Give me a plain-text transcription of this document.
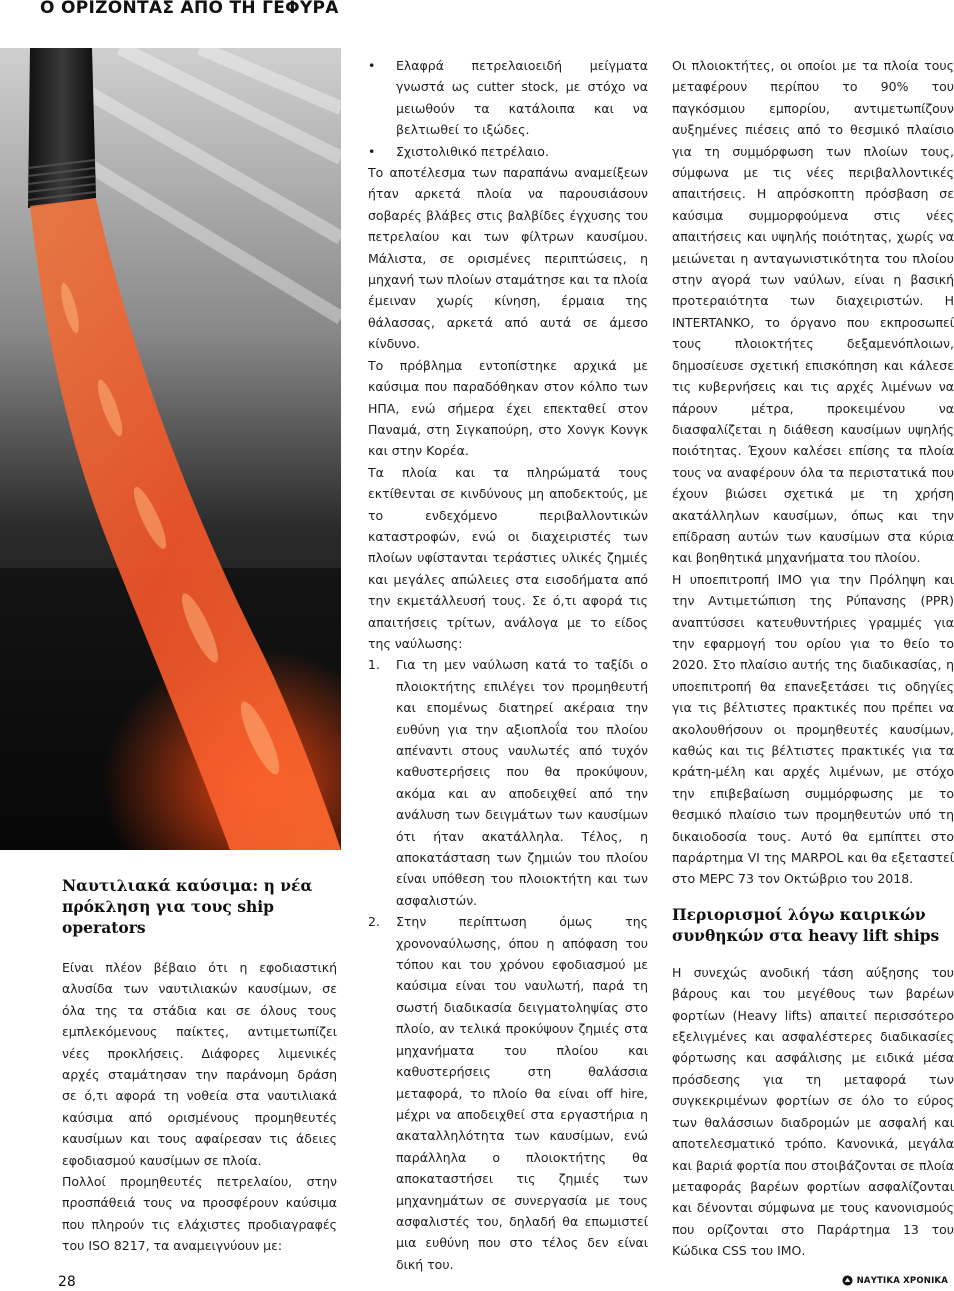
Ο ΟΡΙΖΟΝΤΑΣ ΑΠΟ ΤΗ ΓΕΦΥΡΑ
Ναυτιλιακά καύσιμα: η νέα πρόκληση για τους ship operators

Είναι πλέον βέβαιο ότι η εφοδιαστική αλυσίδα των ναυτιλιακών καυσίμων, σε όλα της τα στάδια και σε όλους τους εμπλεκόμενους παίκτες, αντιμετωπίζει νέες προκλήσεις. Διάφορες λιμενικές αρχές σταμάτησαν την παράνομη δράση σε ό,τι αφορά τη νοθεία στα ναυτιλιακά καύσιμα από ορισμένους προμηθευτές καυσίμων και τους αφαίρεσαν τις άδειες εφοδιασμού καυσίμων σε πλοία.

Πολλοί προμηθευτές πετρελαίου, στην προσπάθειά τους να προσφέρουν καύσιμα που πληρούν τις ελάχιστες προδιαγραφές του ISO 8217, τα αναμειγνύουν με:

•	Ελαφρά πετρελαιοειδή μείγματα γνωστά ως cutter stock, με στόχο να μειωθούν τα κατάλοιπα και να βελτιωθεί το ιξώδες.
•	Σχιστολιθικό πετρέλαιο.

Το αποτέλεσμα των παραπάνω αναμείξεων ήταν αρκετά πλοία να παρουσιάσουν σοβαρές βλάβες στις βαλβίδες έγχυσης του πετρελαίου και των φίλτρων καυσίμου. Μάλιστα, σε ορισμένες περιπτώσεις, η μηχανή των πλοίων σταμάτησε και τα πλοία έμειναν χωρίς κίνηση, έρμαια της θάλασσας, αρκετά από αυτά σε άμεσο κίνδυνο.

Το πρόβλημα εντοπίστηκε αρχικά με καύσιμα που παραδόθηκαν στον κόλπο των ΗΠΑ, ενώ σήμερα έχει επεκταθεί στον Παναμά, στη Σιγκαπούρη, στο Χονγκ Κονγκ και στην Κορέα.

Τα πλοία και τα πληρώματά τους εκτίθενται σε κινδύνους μη αποδεκτούς, με το ενδεχόμενο περιβαλλοντικών καταστροφών, ενώ οι διαχειριστές των πλοίων υφίστανται τεράστιες υλικές ζημιές και μεγάλες απώλειες στα εισοδήματα από την εκμετάλλευσή τους. Σε ό,τι αφορά τις απαιτήσεις τρίτων, ανάλογα με το είδος της ναύλωσης:

1.	Για τη μεν ναύλωση κατά το ταξίδι ο πλοιοκτήτης επιλέγει τον προμηθευτή και επομένως διατηρεί ακέραια την ευθύνη για την αξιοπλοΐα του πλοίου απέναντι στους ναυλωτές από τυχόν καθυστερήσεις που θα προκύψουν, ακόμα και αν αποδειχθεί από την ανάλυση των δειγμάτων των καυσίμων ότι ήταν ακατάλληλα. Τέλος, η αποκατάσταση των ζημιών του πλοίου είναι υπόθεση του πλοιοκτήτη και των ασφαλιστών.
2.	Στην περίπτωση όμως της χρονοναύλωσης, όπου η απόφαση του τόπου και του χρόνου εφοδιασμού με καύσιμα είναι του ναυλωτή, παρά τη σωστή διαδικασία δειγματοληψίας στο πλοίο, αν τελικά προκύψουν ζημιές στα μηχανήματα του πλοίου και καθυστερήσεις στη θαλάσσια μεταφορά, το πλοίο θα είναι off hire, μέχρι να αποδειχθεί στα εργαστήρια η ακαταλληλότητα των καυσίμων, ενώ παράλληλα ο πλοιοκτήτης θα αποκαταστήσει τις ζημιές των μηχανημάτων σε συνεργασία με τους ασφαλιστές του, δηλαδή θα επωμιστεί μια ευθύνη που στο τέλος δεν είναι δική του.

Οι πλοιοκτήτες, οι οποίοι με τα πλοία τους μεταφέρουν περίπου το 90% του παγκόσμιου εμπορίου, αντιμετωπίζουν αυξημένες πιέσεις από το θεσμικό πλαίσιο για τη συμμόρφωση των πλοίων τους, σύμφωνα με τις νέες περιβαλλοντικές απαιτήσεις. Η απρόσκοπτη πρόσβαση σε καύσιμα συμμορφούμενα στις νέες απαιτήσεις και υψηλής ποιότητας, χωρίς να μειώνεται η ανταγωνιστικότητα του πλοίου στην αγορά των ναύλων, είναι η βασική προτεραιότητα των διαχειριστών. Η INTERTANKO, το όργανο που εκπροσωπεί τους πλοιοκτήτες δεξαμενόπλοιων, δημοσίευσε σχετική επισκόπηση και κάλεσε τις κυβερνήσεις και τις αρχές λιμένων να πάρουν μέτρα, προκειμένου να διασφαλίζεται η διάθεση καυσίμων υψηλής ποιότητας. Έχουν καλέσει επίσης τα πλοία τους να αναφέρουν όλα τα περιστατικά που έχουν βιώσει σχετικά με τη χρήση ακατάλληλων καυσίμων, όπως και την επίδραση αυτών των καυσίμων στα κύρια και βοηθητικά μηχανήματα του πλοίου.

Η υποεπιτροπή IMO για την Πρόληψη και την Αντιμετώπιση της Ρύπανσης (PPR) αναπτύσσει κατευθυντήριες γραμμές για την εφαρμογή του ορίου για το θείο το 2020. Στο πλαίσιο αυτής της διαδικασίας, η υποεπιτροπή θα επανεξετάσει τις οδηγίες για τις βέλτιστες πρακτικές που πρέπει να ακολουθήσουν οι προμηθευτές καυσίμων, καθώς και τις βέλτιστες πρακτικές για τα κράτη-μέλη και αρχές λιμένων, με στόχο την επιβεβαίωση συμμόρφωσης με το θεσμικό πλαίσιο των προμηθευτών υπό τη δικαιοδοσία τους. Αυτό θα εμπίπτει στο παράρτημα VI της MARPOL και θα εξεταστεί στο MEPC 73 τον Οκτώβριο του 2018.

Περιορισμοί λόγω καιρικών συνθηκών στα heavy lift ships

Η συνεχώς ανοδική τάση αύξησης του βάρους και του μεγέθους των βαρέων φορτίων (Heavy lifts) απαιτεί περισσότερο εξελιγμένες και ασφαλέστερες διαδικασίες φόρτωσης και ασφάλισης με ειδικά μέσα πρόσδεσης για τη μεταφορά των συγκεκριμένων φορτίων σε όλο το εύρος των θαλάσσιων διαδρομών με ασφαλή και αποτελεσματικό τρόπο. Κανονικά, μεγάλα και βαριά φορτία που στοιβάζονται σε πλοία μεταφοράς βαρέων φορτίων ασφαλίζονται και δένονται σύμφωνα με τους κανονισμούς που ορίζονται στο Παράρτημα 13 του Κώδικα CSS του ΙΜΟ.

28	ΝΑΥΤΙΚΑ ΧΡΟΝΙΚΑ
